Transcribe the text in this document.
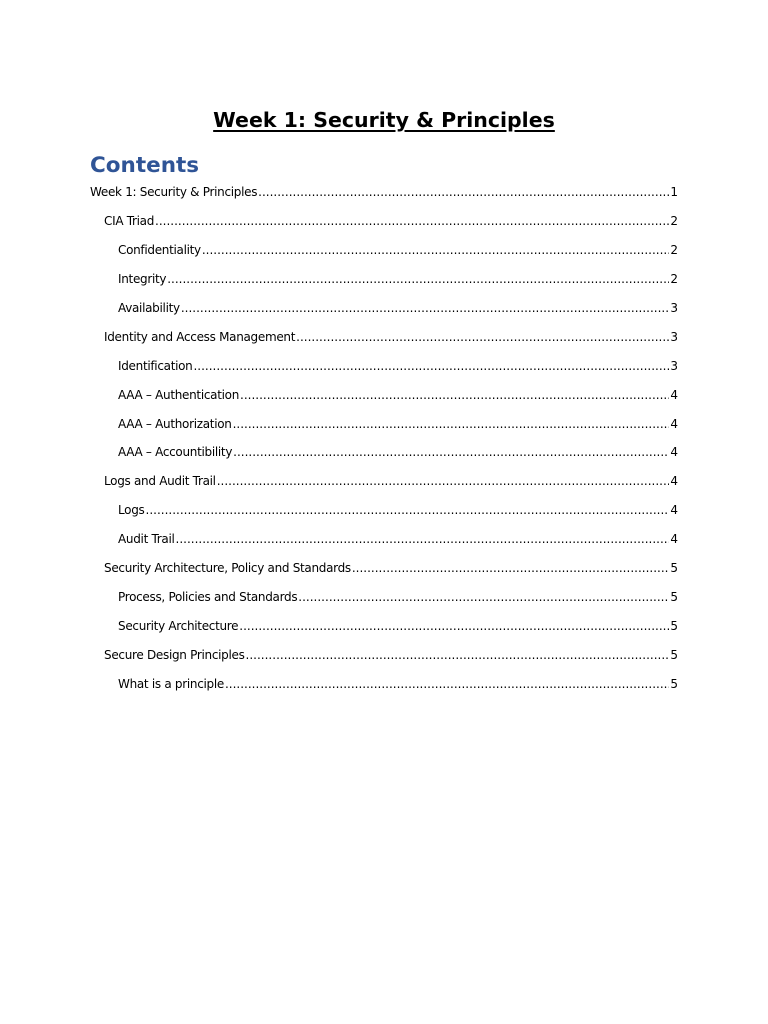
Week 1: Security & Principles
Contents
Week 1: Security & Principles .....	1
CIA Triad .....	2
Confidentiality .....	2
Integrity .....	2
Availability .....	3
Identity and Access Management .....	3
Identification .....	3
AAA – Authentication .....	4
AAA – Authorization .....	4
AAA – Accountibility .....	4
Logs and Audit Trail .....	4
Logs .....	4
Audit Trail .....	4
Security Architecture, Policy and Standards .....	5
Process, Policies and Standards .....	5
Security Architecture .....	5
Secure Design Principles .....	5
What is a principle .....	5
